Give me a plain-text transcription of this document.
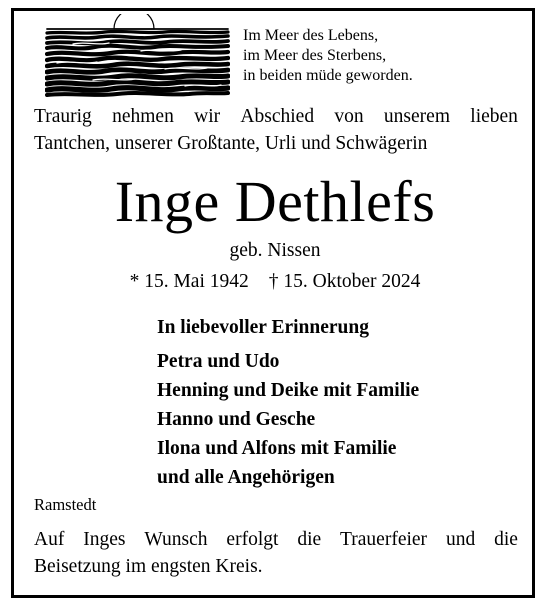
Im Meer des Lebens,
im Meer des Sterbens,
in beiden müde geworden.
Traurig nehmen wir Abschied von unserem lieben
Tantchen, unserer Großtante, Urli und Schwägerin
Inge Dethlefs
geb. Nissen
* 15. Mai 1942 † 15. Oktober 2024
In liebevoller Erinnerung
Petra und Udo
Henning und Deike mit Familie
Hanno und Gesche
Ilona und Alfons mit Familie
und alle Angehörigen
Ramstedt
Auf Inges Wunsch erfolgt die Trauerfeier und die
Beisetzung im engsten Kreis.
